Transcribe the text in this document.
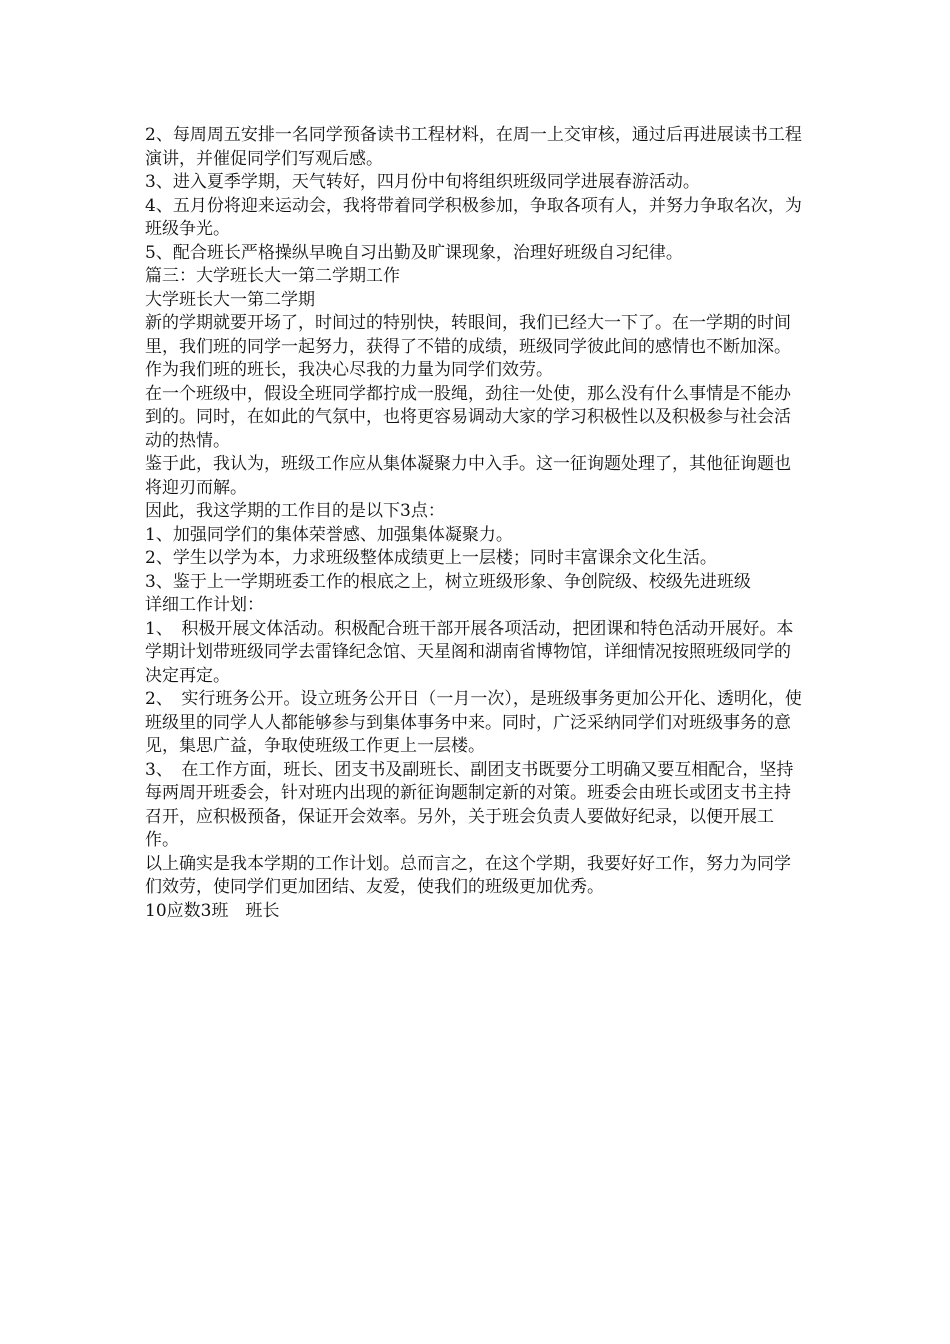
2、每周周五安排一名同学预备读书工程材料，在周一上交审核，通过后再进展读书工程演讲，并催促同学们写观后感。

3、进入夏季学期，天气转好，四月份中旬将组织班级同学进展春游活动。

4、五月份将迎来运动会，我将带着同学积极参加，争取各项有人，并努力争取名次，为班级争光。

5、配合班长严格操纵早晚自习出勤及旷课现象，治理好班级自习纪律。

篇三：大学班长大一第二学期工作

大学班长大一第二学期

新的学期就要开场了，时间过的特别快，转眼间，我们已经大一下了。在一学期的时间里，我们班的同学一起努力，获得了不错的成绩，班级同学彼此间的感情也不断加深。作为我们班的班长，我决心尽我的力量为同学们效劳。

在一个班级中，假设全班同学都拧成一股绳，劲往一处使，那么没有什么事情是不能办到的。同时，在如此的气氛中，也将更容易调动大家的学习积极性以及积极参与社会活动的热情。

鉴于此，我认为，班级工作应从集体凝聚力中入手。这一征询题处理了，其他征询题也将迎刃而解。

因此，我这学期的工作目的是以下3点：

1、加强同学们的集体荣誉感、加强集体凝聚力。

2、学生以学为本，力求班级整体成绩更上一层楼；同时丰富课余文化生活。

3、鉴于上一学期班委工作的根底之上，树立班级形象、争创院级、校级先进班级

详细工作计划：

1、　积极开展文体活动。积极配合班干部开展各项活动，把团课和特色活动开展好。本学期计划带班级同学去雷锋纪念馆、天星阁和湖南省博物馆，详细情况按照班级同学的决定再定。

2、　实行班务公开。设立班务公开日（一月一次），是班级事务更加公开化、透明化，使班级里的同学人人都能够参与到集体事务中来。同时，广泛采纳同学们对班级事务的意见，集思广益，争取使班级工作更上一层楼。

3、　在工作方面，班长、团支书及副班长、副团支书既要分工明确又要互相配合，坚持每两周开班委会，针对班内出现的新征询题制定新的对策。班委会由班长或团支书主持召开，应积极预备，保证开会效率。另外，关于班会负责人要做好纪录，以便开展工作。

以上确实是我本学期的工作计划。总而言之，在这个学期，我要好好工作，努力为同学们效劳，使同学们更加团结、友爱，使我们的班级更加优秀。

10应数3班　班长
